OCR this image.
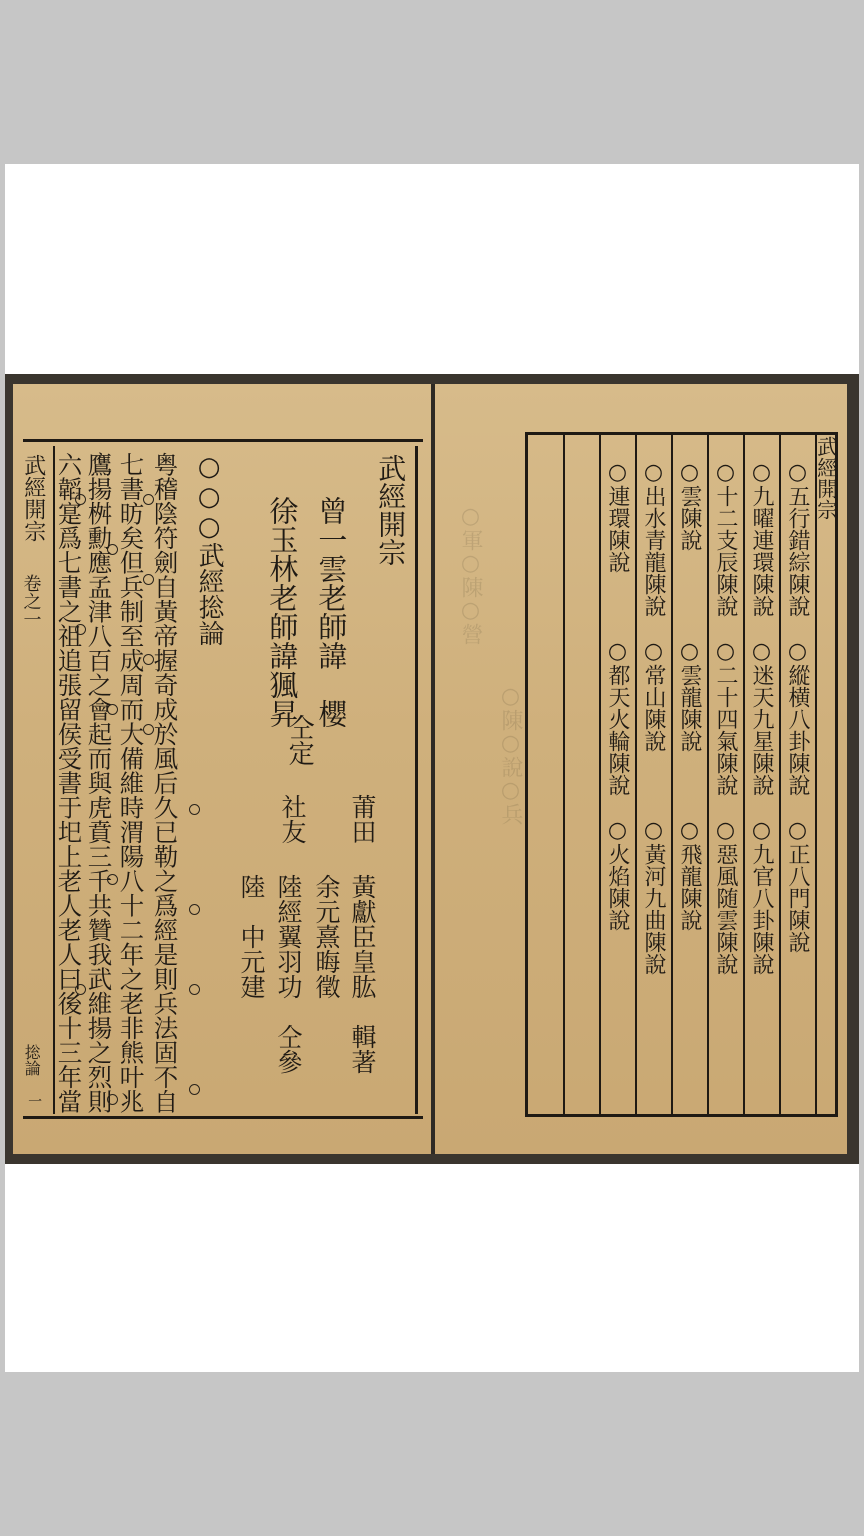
武經開宗
卷之一
捴論
一
武經開宗
曾一雲老師諱　櫻
徐玉林老師諱猦昇
仝定
莆田
黃獻臣皇肱　輯著
社友
余元熹晦徵
陸經翼羽功　仝參
陸　中元建
○○○武經捴論
粤稽陰符劍自黃帝握奇成於風后久已勒之爲經是則兵法固不自
七書昉矣但兵制至成周而大備維時渭陽八十二年之老非熊叶兆
鷹揚桝勳應孟津八百之會起而與虎賁三千共贊我武維揚之烈則
六韜寔爲七書之祖追張留侯受書于圯上老人老人曰後十三年當	○軍○陳○營
○陳○說○兵
武經開宗
○五行錯綜陳說　○縱横八卦陳說　○正八門陳說
○九曜連環陳說　○迷天九星陳說　○九官八卦陳說
○十二支辰陳說　○二十四氣陳說　○惡風随雲陳說
○雲陳說　　　　○雲龍陳說　　　○飛龍陳說
○出水青龍陳說　○常山陳說　　　○黃河九曲陳說
○連環陳說　　　○都天火輪陳說　○火焰陳說
